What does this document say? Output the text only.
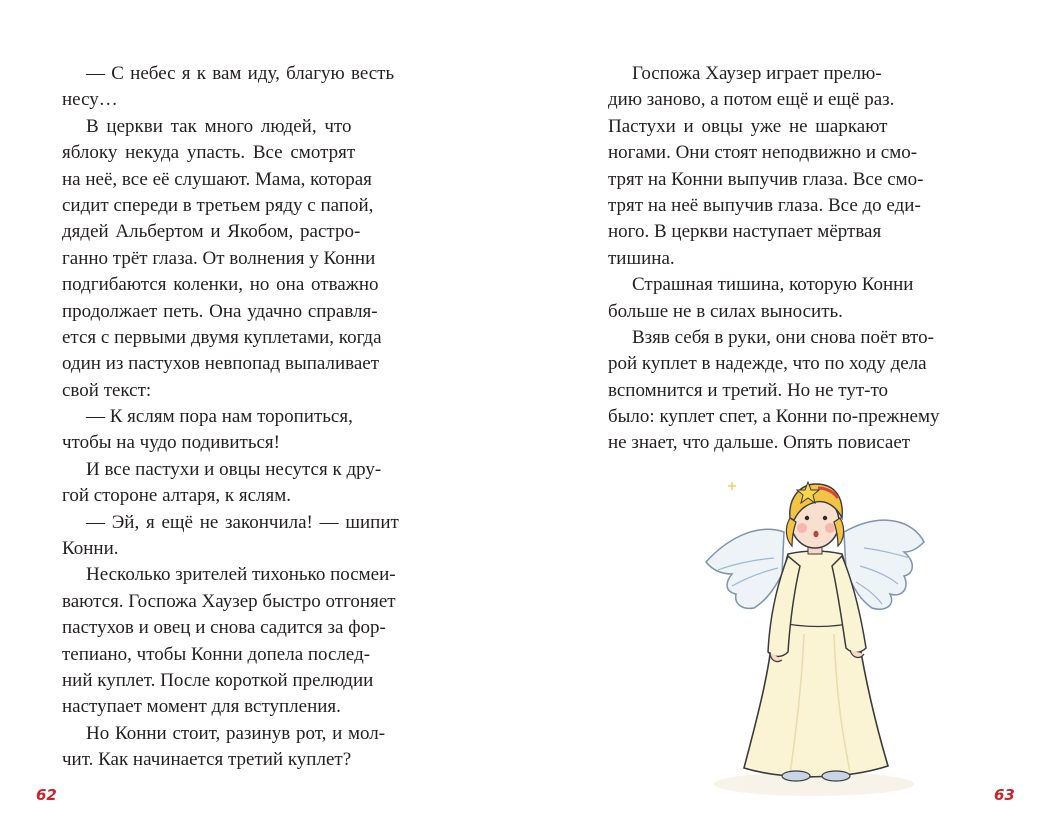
— С небес я к вам иду, благую весть
несу…
В церкви так много людей, что
яблоку некуда упасть. Все смотрят
на неё, все её слушают. Мама, которая
сидит спереди в третьем ряду с папой,
дядей Альбертом и Якобом, растро-
ганно трёт глаза. От волнения у Конни
подгибаются коленки, но она отважно
продолжает петь. Она удачно справля-
ется с первыми двумя куплетами, когда
один из пастухов невпопад выпаливает
свой текст:
— К яслям пора нам торопиться,
чтобы на чудо подивиться!
И все пастухи и овцы несутся к дру-
гой стороне алтаря, к яслям.
— Эй, я ещё не закончила! — шипит
Конни.
Несколько зрителей тихонько посмеи-
ваются. Госпожа Хаузер быстро отгоняет
пастухов и овец и снова садится за фор-
тепиано, чтобы Конни допела послед-
ний куплет. После короткой прелюдии
наступает момент для вступления.
Но Конни стоит, разинув рот, и мол-
чит. Как начинается третий куплет?
62
Госпожа Хаузер играет прелю-
дию заново, а потом ещё и ещё раз.
Пастухи и овцы уже не шаркают
ногами. Они стоят неподвижно и смо-
трят на Конни выпучив глаза. Все смо-
трят на неё выпучив глаза. Все до еди-
ного. В церкви наступает мёртвая
тишина.
Страшная тишина, которую Конни
больше не в силах выносить.
Взяв себя в руки, они снова поёт вто-
рой куплет в надежде, что по ходу дела
вспомнится и третий. Но не тут-то
было: куплет спет, а Конни по-прежнему
не знает, что дальше. Опять повисает
63
